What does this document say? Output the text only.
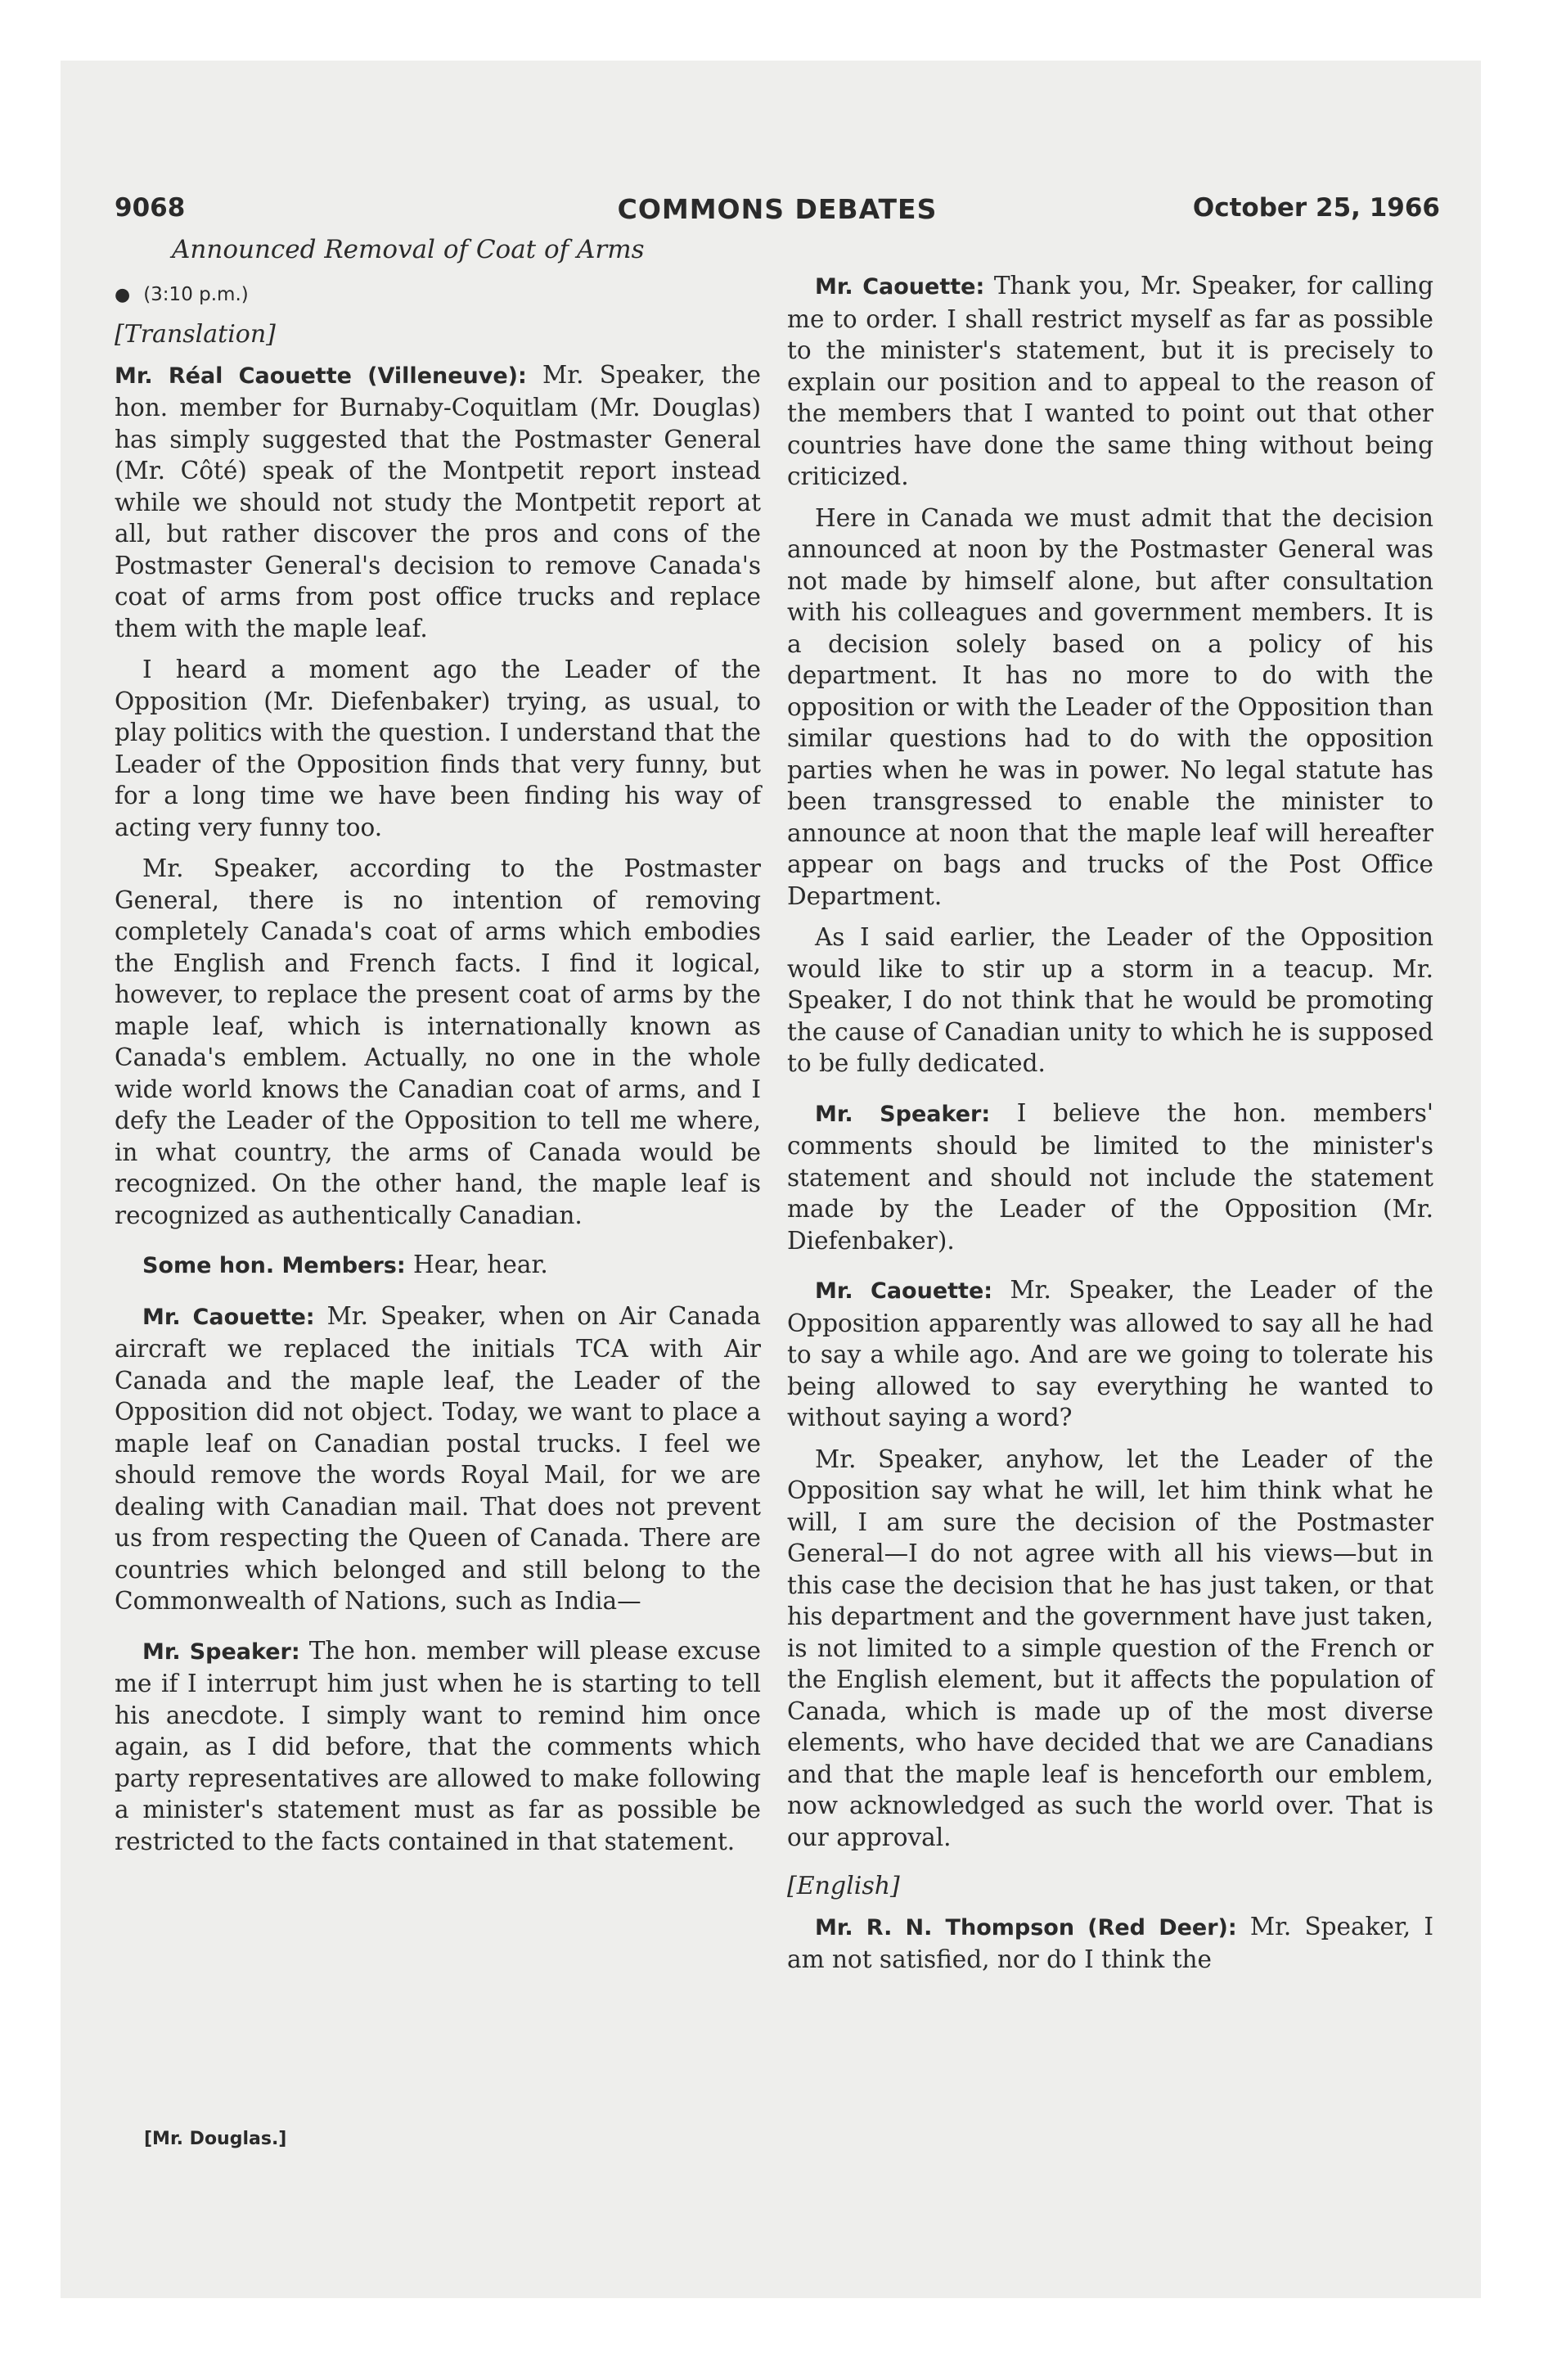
9068	COMMONS DEBATES	October 25, 1966

Announced Removal of Coat of Arms

● (3:10 p.m.)

[Translation]

Mr. Réal Caouette (Villeneuve): Mr. Speaker, the hon. member for Burnaby-Coquitlam (Mr. Douglas) has simply suggested that the Postmaster General (Mr. Côté) speak of the Montpetit report instead while we should not study the Montpetit report at all, but rather discover the pros and cons of the Postmaster General's decision to remove Canada's coat of arms from post office trucks and replace them with the maple leaf.

I heard a moment ago the Leader of the Opposition (Mr. Diefenbaker) trying, as usual, to play politics with the question. I understand that the Leader of the Opposition finds that very funny, but for a long time we have been finding his way of acting very funny too.

Mr. Speaker, according to the Postmaster General, there is no intention of removing completely Canada's coat of arms which embodies the English and French facts. I find it logical, however, to replace the present coat of arms by the maple leaf, which is internationally known as Canada's emblem. Actually, no one in the whole wide world knows the Canadian coat of arms, and I defy the Leader of the Opposition to tell me where, in what country, the arms of Canada would be recognized. On the other hand, the maple leaf is recognized as authentically Canadian.

Some hon. Members: Hear, hear.

Mr. Caouette: Mr. Speaker, when on Air Canada aircraft we replaced the initials TCA with Air Canada and the maple leaf, the Leader of the Opposition did not object. Today, we want to place a maple leaf on Canadian postal trucks. I feel we should remove the words Royal Mail, for we are dealing with Canadian mail. That does not prevent us from respecting the Queen of Canada. There are countries which belonged and still belong to the Commonwealth of Nations, such as India—

Mr. Speaker: The hon. member will please excuse me if I interrupt him just when he is starting to tell his anecdote. I simply want to remind him once again, as I did before, that the comments which party representatives are allowed to make following a minister's statement must as far as possible be restricted to the facts contained in that statement.

[Mr. Douglas.]

Mr. Caouette: Thank you, Mr. Speaker, for calling me to order. I shall restrict myself as far as possible to the minister's statement, but it is precisely to explain our position and to appeal to the reason of the members that I wanted to point out that other countries have done the same thing without being criticized.

Here in Canada we must admit that the decision announced at noon by the Postmaster General was not made by himself alone, but after consultation with his colleagues and government members. It is a decision solely based on a policy of his department. It has no more to do with the opposition or with the Leader of the Opposition than similar questions had to do with the opposition parties when he was in power. No legal statute has been transgressed to enable the minister to announce at noon that the maple leaf will hereafter appear on bags and trucks of the Post Office Department.

As I said earlier, the Leader of the Opposition would like to stir up a storm in a teacup. Mr. Speaker, I do not think that he would be promoting the cause of Canadian unity to which he is supposed to be fully dedicated.

Mr. Speaker: I believe the hon. members' comments should be limited to the minister's statement and should not include the statement made by the Leader of the Opposition (Mr. Diefenbaker).

Mr. Caouette: Mr. Speaker, the Leader of the Opposition apparently was allowed to say all he had to say a while ago. And are we going to tolerate his being allowed to say everything he wanted to without saying a word?

Mr. Speaker, anyhow, let the Leader of the Opposition say what he will, let him think what he will, I am sure the decision of the Postmaster General—I do not agree with all his views—but in this case the decision that he has just taken, or that his department and the government have just taken, is not limited to a simple question of the French or the English element, but it affects the population of Canada, which is made up of the most diverse elements, who have decided that we are Canadians and that the maple leaf is henceforth our emblem, now acknowledged as such the world over. That is our approval.

[English]

Mr. R. N. Thompson (Red Deer): Mr. Speaker, I am not satisfied, nor do I think the
